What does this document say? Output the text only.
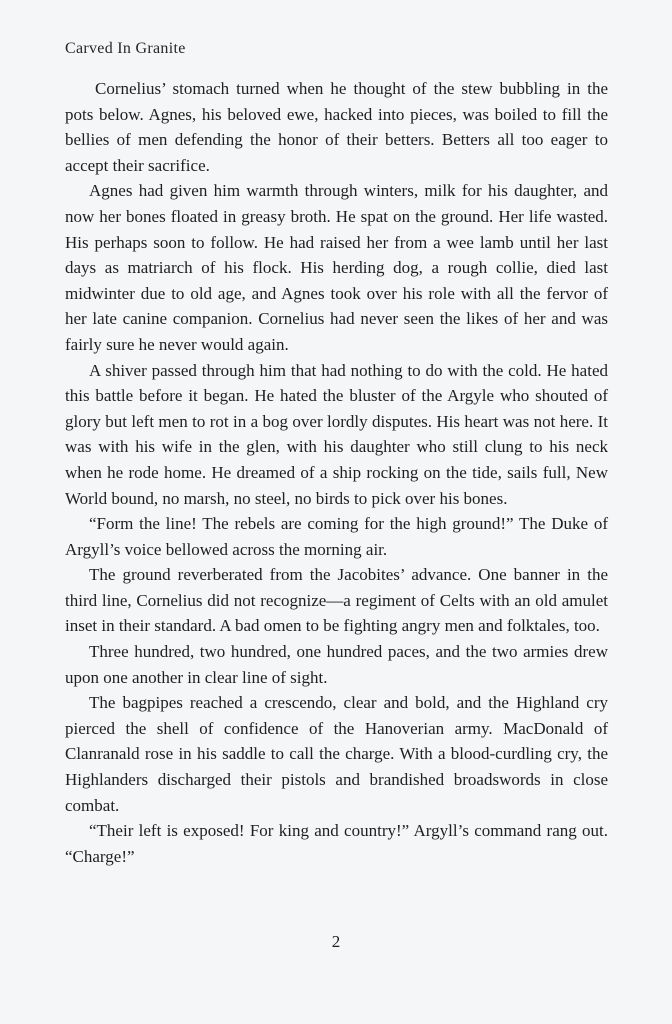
Carved In Granite

Cornelius’ stomach turned when he thought of the stew bubbling in the pots below. Agnes, his beloved ewe, hacked into pieces, was boiled to fill the bellies of men defending the honor of their betters. Betters all too eager to accept their sacrifice.

Agnes had given him warmth through winters, milk for his daughter, and now her bones floated in greasy broth. He spat on the ground. Her life wasted. His perhaps soon to follow. He had raised her from a wee lamb until her last days as matriarch of his flock. His herding dog, a rough collie, died last midwinter due to old age, and Agnes took over his role with all the fervor of her late canine companion. Cornelius had never seen the likes of her and was fairly sure he never would again.

A shiver passed through him that had nothing to do with the cold. He hated this battle before it began. He hated the bluster of the Argyle who shouted of glory but left men to rot in a bog over lordly disputes. His heart was not here. It was with his wife in the glen, with his daughter who still clung to his neck when he rode home. He dreamed of a ship rocking on the tide, sails full, New World bound, no marsh, no steel, no birds to pick over his bones.

“Form the line! The rebels are coming for the high ground!” The Duke of Argyll’s voice bellowed across the morning air.

The ground reverberated from the Jacobites’ advance. One banner in the third line, Cornelius did not recognize—a regiment of Celts with an old amulet inset in their standard. A bad omen to be fighting angry men and folktales, too.

Three hundred, two hundred, one hundred paces, and the two armies drew upon one another in clear line of sight.

The bagpipes reached a crescendo, clear and bold, and the Highland cry pierced the shell of confidence of the Hanoverian army. MacDonald of Clanranald rose in his saddle to call the charge. With a blood-curdling cry, the Highlanders discharged their pistols and brandished broadswords in close combat.

“Their left is exposed! For king and country!” Argyll’s command rang out. “Charge!”

2
